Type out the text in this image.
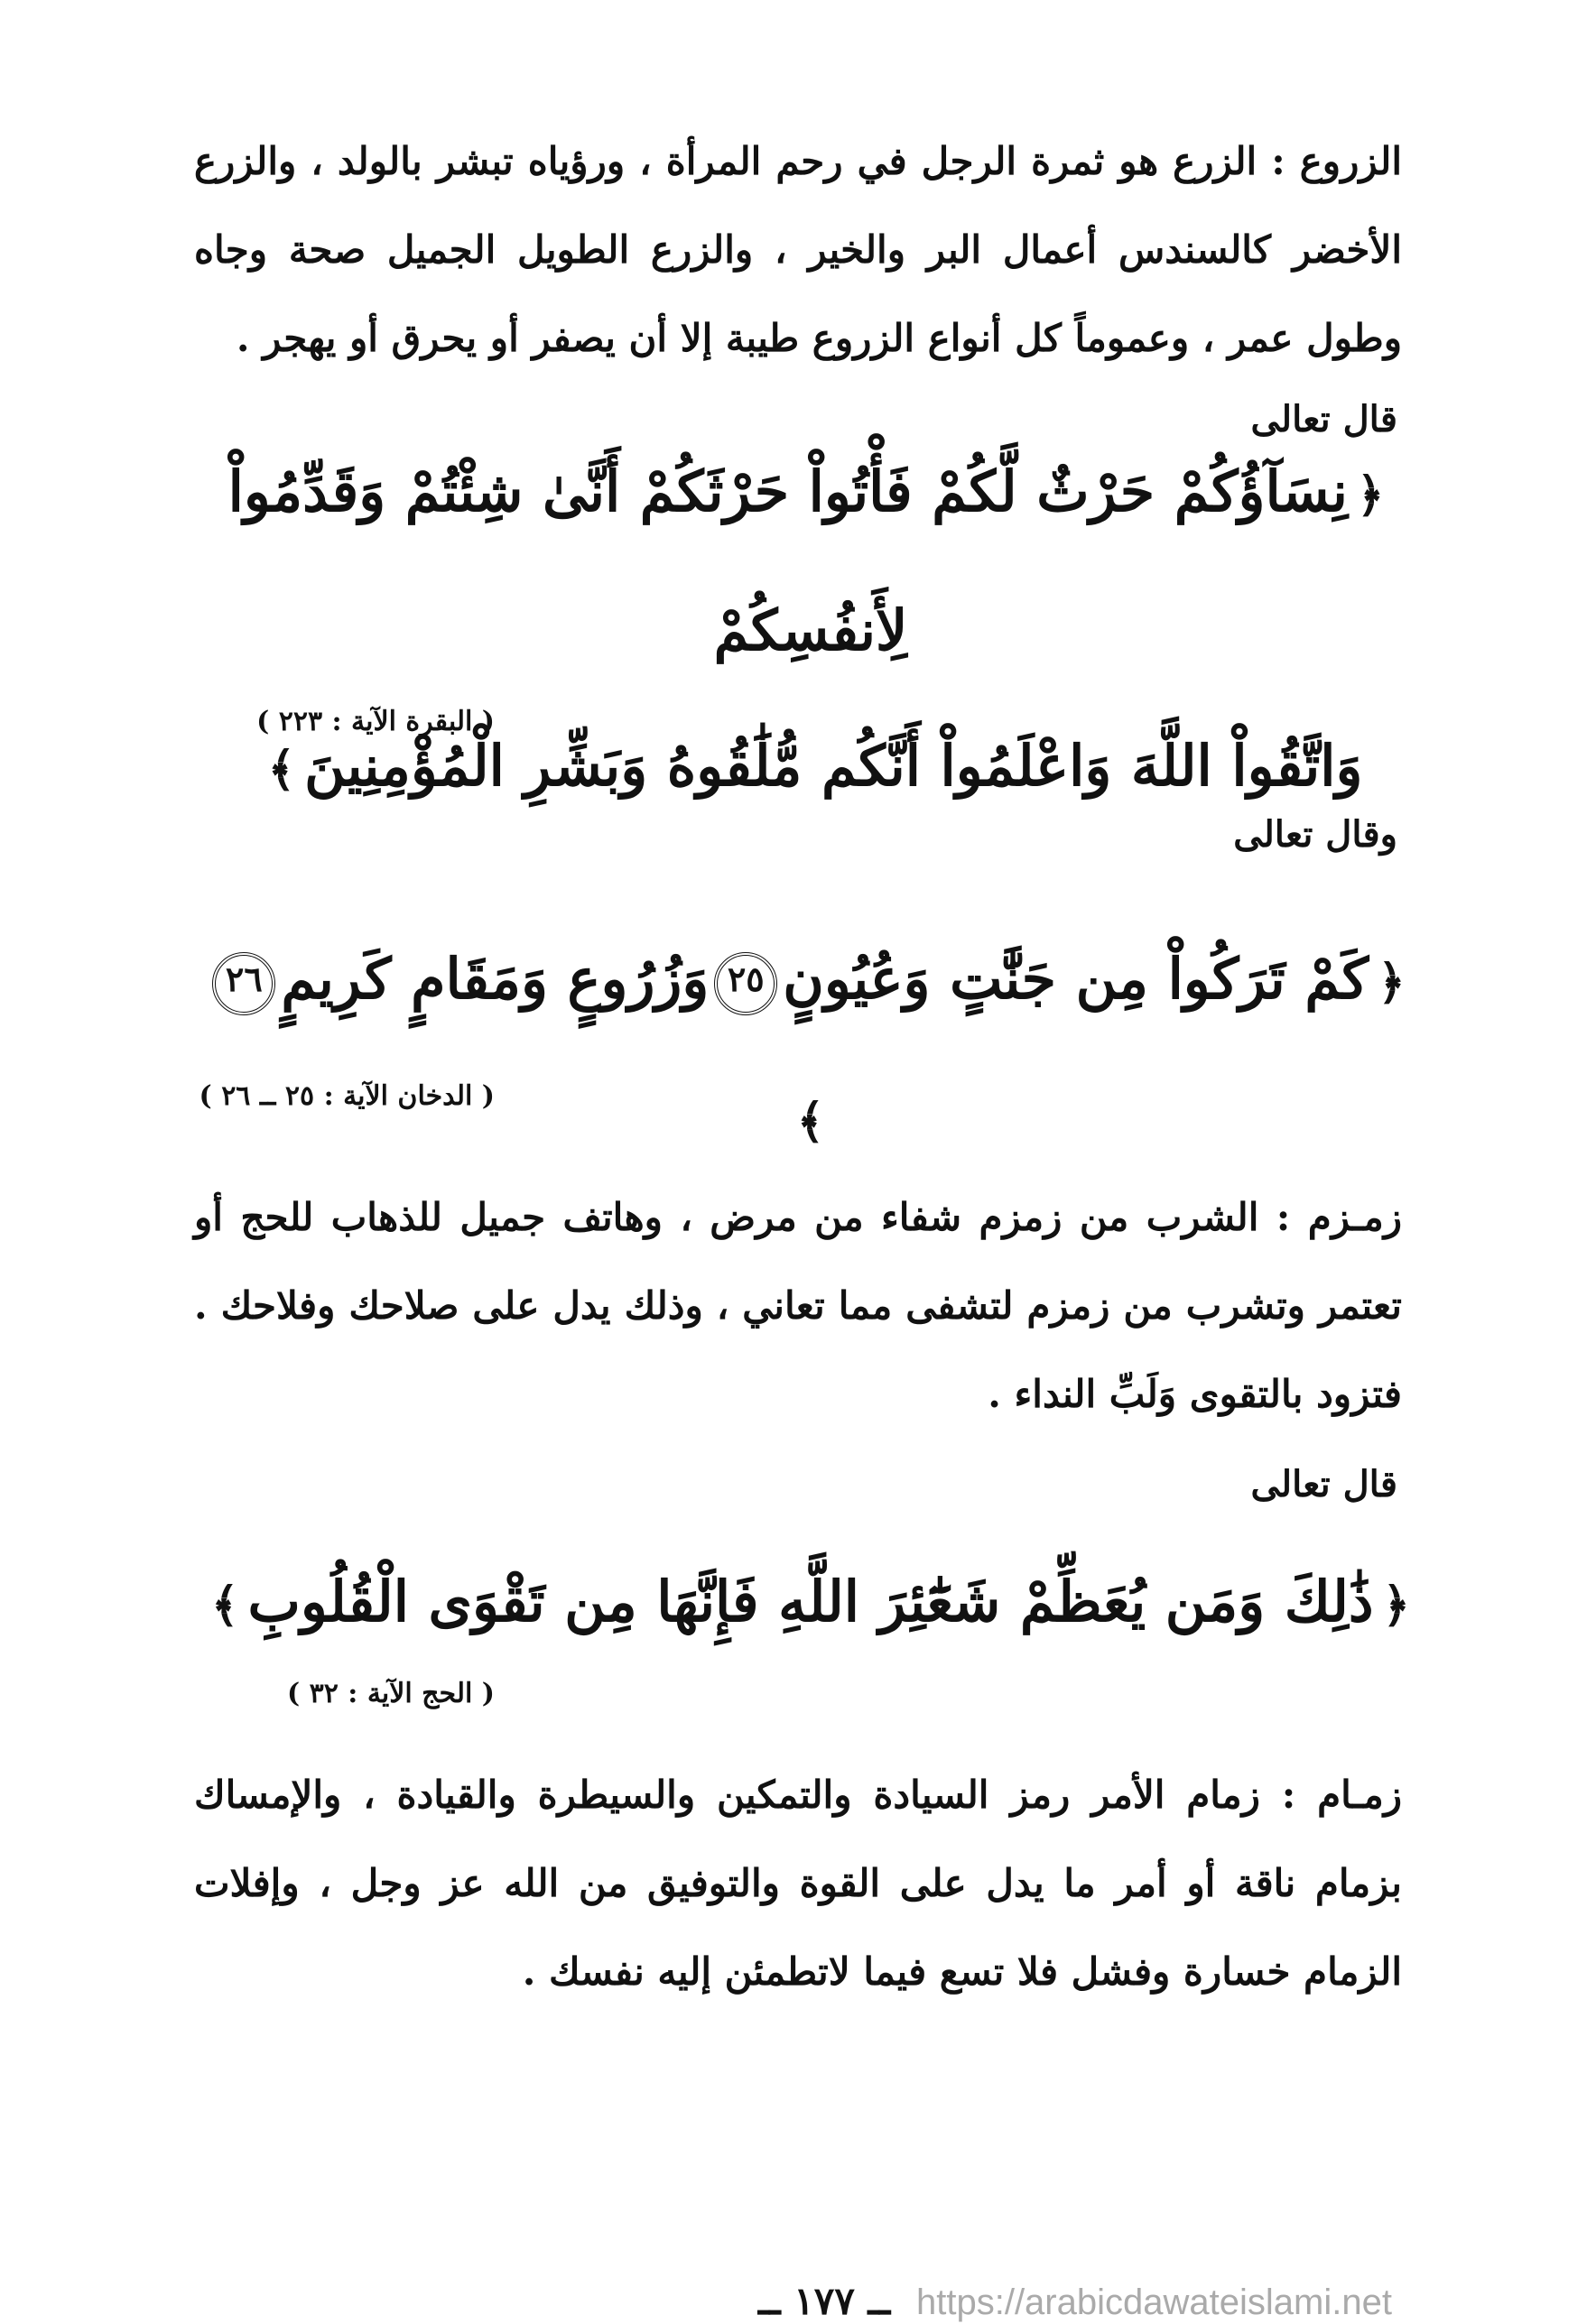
الزروع : الزرع هو ثمرة الرجل في رحم المرأة ، ورؤياه تبشر بالولد ، والزرع الأخضر كالسندس أعمال البر والخير ، والزرع الطويل الجميل صحة وجاه وطول عمر ، وعموماً كل أنواع الزروع طيبة إلا أن يصفر أو يحرق أو يهجر .
قال تعالى
﴿نِسَآؤُكُمْ حَرْثٌ لَّكُمْ فَأْتُواْ حَرْثَكُمْ أَنَّىٰ شِئْتُمْ وَقَدِّمُواْ لِأَنفُسِكُمْ
وَاتَّقُواْ اللَّهَ وَاعْلَمُواْ أَنَّكُم مُّلَٰقُوهُ وَبَشِّرِ الْمُؤْمِنِينَ﴾
( البقرة الآية : ٢٢٣ )
وقال تعالى
﴿كَمْ تَرَكُواْ مِن جَنَّٰتٍ وَعُيُونٍ٢٥وَزُرُوعٍ وَمَقَامٍ كَرِيمٍ٢٦﴾
( الدخان الآية : ٢٥ ــ ٢٦ )
زمـزم : الشرب من زمزم شفاء من مرض ، وهاتف جميل للذهاب للحج أو تعتمر وتشرب من زمزم لتشفى مما تعاني ، وذلك يدل على صلاحك وفلاحك . فتزود بالتقوى وَلَبِّ النداء .
قال تعالى
﴿ذَٰلِكَ وَمَن يُعَظِّمْ شَعَٰٓئِرَ اللَّهِ فَإِنَّهَا مِن تَقْوَى الْقُلُوبِ﴾
( الحج الآية : ٣٢ )
زمـام : زمام الأمر رمز السيادة والتمكين والسيطرة والقيادة ، والإمساك بزمام ناقة أو أمر ما يدل على القوة والتوفيق من الله عز وجل ، وإفلات الزمام خسارة وفشل فلا تسع فيما لاتطمئن إليه نفسك .
ــ ١٧٧ ــ https://arabicdawateislami.net
